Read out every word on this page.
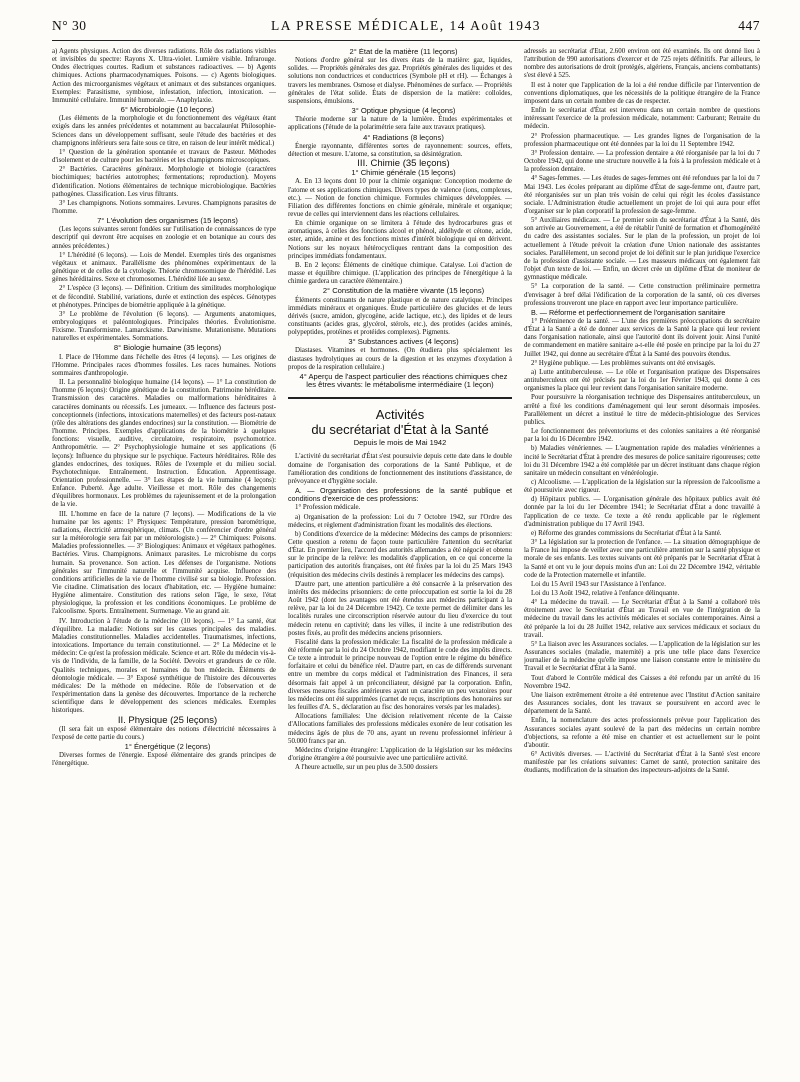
N° 30	LA PRESSE MÉDICALE, 14 Août 1943	447

a) Agents physiques. Action des diverses radiations. Rôle des radiations visibles et invisibles du spectre: Rayons X. Ultra-violet. Lumière visible. Infrarouge. Ondes électriques courtes. Radium et substances radioactives. — b) Agents chimiques. Actions pharmacodynamiques. Poisons. — c) Agents biologiques. Action des microorganismes végétaux et animaux et des substances organiques. Exemples: Parasitisme, symbiose, infestation, infection, intoxication. — Immunité cellulaire. Immunité humorale. — Anaphylaxie.

6° Microbiologie (10 leçons)

(Les éléments de la morphologie et du fonctionnement des végétaux étant exigés dans les années précédentes et notamment au baccalauréat Philosophie-Sciences dans un développement suffisant, seule l'étude des bactéries et des champignons inférieurs sera faite sous ce titre, en raison de leur intérêt médical.)

1° Question de la génération spontanée et travaux de Pasteur. Méthodes d'isolement et de culture pour les bactéries et les champignons microscopiques.

2° Bactéries. Caractères généraux. Morphologie et biologie (caractères biochimiques; bactéries autotrophes; fermentations; reproduction). Moyens d'identification. Notions élémentaires de technique microbiologique. Bactéries pathogènes. Classification. Les virus filtrants.

3° Les champignons. Notions sommaires. Levures. Champignons parasites de l'homme.

7° L'évolution des organismes (15 leçons)

(Les leçons suivantes seront fondées sur l'utilisation de connaissances de type descriptif qui devront être acquises en zoologie et en botanique au cours des années précédentes.)

1° L'hérédité (6 leçons). — Lois de Mendel. Exemples tirés des organismes végétaux et animaux. Parallélisme des phénomènes expérimentaux de la génétique et de celles de la cytologie. Théorie chromosomique de l'hérédité. Les gènes héréditaires. Sexe et chromosomes. L'hérédité liée au sexe.

2° L'espèce (3 leçons). — Définition. Critium des similitudes morphologique et de fécondité. Stabilité, variations, durée et extinction des espèces. Génotypes et phénotypes. Principes de biométrie appliquée à la génétique.

3° Le problème de l'évolution (6 leçons). — Arguments anatomiques, embryologiques et paléontologiques. Principales théories. Évolutionisme. Fixisme. Transformisme. Lamarckisme. Darwinisme. Mutationisme. Mutations naturelles et expérimentales. Sommations.

8° Biologie humaine (35 leçons)

I. Place de l'Homme dans l'échelle des êtres (4 leçons). — Les origines de l'Homme. Principales races d'hommes fossiles. Les races humaines. Notions sommaires d'anthropologie.

II. La personnalité biologique humaine (14 leçons). — 1° La constitution de l'homme (6 leçons): Origine génétique de la constitution. Patrimoine héréditaire. Transmission des caractères. Maladies ou malformations héréditaires à caractères dominants ou récessifs. Les jumeaux. — Influence des facteurs post-conceptionnels (infections, intoxications maternelles) et des facteurs post-nataux (rôle des altérations des glandes endocrines) sur la constitution. — Biométrie de l'homme. Principes. Exemples d'applications de la biométrie à quelques fonctions: visuelle, auditive, circulatoire, respiratoire, psychomotrice. Anthropométrie. — 2° Psychophysiologie humaine et ses applications (6 leçons): Influence du physique sur le psychique. Facteurs héréditaires. Rôle des glandes endocrines, des toxiques. Rôles de l'exemple et du milieu social. Psychotechnique. Entraînement. Instruction. Éducation. Apprentissage. Orientation professionnelle. — 3° Les étapes de la vie humaine (4 leçons): Enfance. Puberté. Âge adulte. Vieillesse et mort. Rôle des changements d'équilibres hormonaux. Les problèmes du rajeunissement et de la prolongation de la vie.

III. L'homme en face de la nature (7 leçons). — Modifications de la vie humaine par les agents: 1° Physiques: Température, pression barométrique, radiations, électricité atmosphérique, climats. (Un conférencier d'ordre général sur la météorologie sera fait par un météorologiste.) — 2° Chimiques: Poisons. Maladies professionnelles. — 3° Biologiques: Animaux et végétaux pathogènes. Bactéries. Virus. Champignons. Animaux parasites. Le microbisme du corps humain. Sa provenance. Son action. Les défenses de l'organisme. Notions générales sur l'immunité naturelle et l'immunité acquise. Influence des conditions artificielles de la vie de l'homme civilisé sur sa biologie. Profession. Vie citadine. Climatisation des locaux d'habitation, etc. — Hygiène humaine: Hygiène alimentaire. Constitution des rations selon l'âge, le sexe, l'état physiologique, la profession et les conditions économiques. Le problème de l'alcoolisme. Sports. Entraînement. Surmenage. Vie au grand air.

IV. Introduction à l'étude de la médecine (10 leçons). — 1° La santé, état d'équilibre. La maladie: Notions sur les causes principales des maladies. Maladies constitutionnelles. Maladies accidentelles. Traumatismes, infections, intoxications. Importance du terrain constitutionnel. — 2° La Médecine et le médecin: Ce qu'est la profession médicale. Science et art. Rôle du médecin vis-à-vis de l'individu, de la famille, de la Société. Devoirs et grandeurs de ce rôle. Qualités techniques, morales et humaines du bon médecin. Éléments de déontologie médicale. — 3° Exposé synthétique de l'histoire des découvertes médicales: De la méthode en médecine. Rôle de l'observation et de l'expérimentation dans la genèse des découvertes. Importance de la recherche scientifique dans le développement des sciences médicales. Exemples historiques.

II. Physique (25 leçons)

(Il sera fait un exposé élémentaire des notions d'électricité nécessaires à l'exposé de cette partie du cours.)

1° Énergétique (2 leçons)

Diverses formes de l'énergie. Exposé élémentaire des grands principes de l'énergétique.

2° État de la matière (11 leçons)

Notions d'ordre général sur les divers états de la matière: gaz, liquides, solides. — Propriétés générales des gaz. Propriétés générales des liquides et des solutions non conductrices et conductrices (Symbole pH et rH). — Échanges à travers les membranes. Osmose et dialyse. Phénomènes de surface. — Propriétés générales de l'état solide. États de dispersion de la matière: colloïdes, suspensions, émulsions.

3° Optique physique (4 leçons)

Théorie moderne sur la nature de la lumière. Études expérimentales et applications (l'étude de la polarimétrie sera faite aux travaux pratiques).

4° Radiations (8 leçons)

Énergie rayonnante, différentes sortes de rayonnement: sources, effets, détection et mesure. L'atome, sa constitution, sa désintégration.

III. Chimie (35 leçons)

1° Chimie générale (15 leçons)

A. En 13 leçons dont 10 pour la chimie organique: Conception moderne de l'atome et ses applications chimiques. Divers types de valence (ions, complexes, etc.). — Notion de fonction chimique. Formules chimiques développées. — Filiation des différentes fonctions en chimie générale, minérale et organique; revue de celles qui interviennent dans les réactions cellulaires.

En chimie organique on se limitera à l'étude des hydrocarbures gras et aromatiques, à celles des fonctions alcool et phénol, aldéhyde et cétone, acide, ester, amide, amine et des fonctions mixtes d'intérêt biologique qui en dérivent. Notions sur les noyaux hétérocycliques rentrant dans la composition des principes immédiats fondamentaux.

B. En 2 leçons: Éléments de cinétique chimique. Catalyse. Loi d'action de masse et équilibre chimique. (L'application des principes de l'énergétique à la chimie gardera un caractère élémentaire.)

2° Constitution de la matière vivante (15 leçons)

Éléments constituants de nature plastique et de nature catalytique. Principes immédiats minéraux et organiques. Étude particulière des glucides et de leurs dérivés (sucre, amidon, glycogène, acide lactique, etc.), des lipides et de leurs constituants (acides gras, glycérol, stérols, etc.), des protides (acides aminés, polypeptides, protéines et protéides complexes). Pigments.

3° Substances actives (4 leçons)

Diastases. Vitamines et hormones. (On étudiera plus spécialement les diastases hydrolytiques au cours de la digestion et les enzymes d'oxydation à propos de la respiration cellulaire.)

4° Aperçu de l'aspect particulier des réactions chimiques chez les êtres vivants: le métabolisme intermédiaire (1 leçon)

Activités
du secrétariat d'État à la Santé
Depuis le mois de Mai 1942

L'activité du secrétariat d'État s'est poursuivie depuis cette date dans le double domaine de l'organisation des corporations de la Santé Publique, et de l'amélioration des conditions de fonctionnement des institutions d'assistance, de prévoyance et d'hygiène sociale.

A. — Organisation des professions de la santé publique et conditions d'exercice de ces professions:

1° Profession médicale.

a) Organisation de la profession: Loi du 7 Octobre 1942, sur l'Ordre des médecins, et règlement d'administration fixant les modalités des élections.

b) Conditions d'exercice de la médecine: Médecins des camps de prisonniers: Cette question a retenu de façon toute particulière l'attention du secrétariat d'État. En premier lieu, l'accord des autorités allemandes a été négocié et obtenu sur le principe de la relève: les modalités d'application, en ce qui concerne la participation des autorités françaises, ont été fixées par la loi du 25 Mars 1943 (réquisition des médecins civils destinés à remplacer les médecins des camps).

D'autre part, une attention particulière a été consacrée à la préservation des intérêts des médecins prisonniers: de cette préoccupation est sortie la loi du 28 Août 1942 (dont les avantages ont été étendus aux médecins participant à la relève, par la loi du 24 Décembre 1942). Ce texte permet de délimiter dans les localités rurales une circonscription réservée autour du lieu d'exercice du tout médecin retenu en captivité; dans les villes, il incite à une redistribution des postes fixés, au profit des médecins anciens prisonniers.

Fiscalité dans la profession médicale: La fiscalité de la profession médicale a été réformée par la loi du 24 Octobre 1942, modifiant le code des impôts directs. Ce texte a introduit le principe nouveau de l'option entre le régime du bénéfice forfaitaire et celui du bénéfice réel. D'autre part, en cas de différends survenant entre un membre du corps médical et l'administration des Finances, il sera désormais fait appel à un préconciliateur, désigné par la corporation. Enfin, diverses mesures fiscales antérieures ayant un caractère un peu vexatoires pour les médecins ont été supprimées (carnet de reçus, inscriptions des honoraires sur les feuilles d'A. S., déclaration au fisc des honoraires versés par les malades).

Allocations familiales: Une décision relativement récente de la Caisse d'Allocations familiales des professions médicales exonère de leur cotisation les médecins âgés de plus de 70 ans, ayant un revenu professionnel inférieur à 50.000 francs par an.

Médecins d'origine étrangère: L'application de la législation sur les médecins d'origine étrangère a été poursuivie avec une particulière activité.

A l'heure actuelle, sur un peu plus de 3.500 dossiers

adressés au secrétariat d'État, 2.600 environ ont été examinés. Ils ont donné lieu à l'attribution de 990 autorisations d'exercer et de 725 rejets définitifs. Par ailleurs, le nombre des autorisations de droit (protégés, algériens, Français, anciens combattants) s'est élevé à 525.

Il est à noter que l'application de la loi a été rendue difficile par l'intervention de conventions diplomatiques, que les nécessités de la politique étrangère de la France imposent dans un certain nombre de cas de respecter.

Enfin le secrétariat d'État est intervenu dans un certain nombre de questions intéressant l'exercice de la profession médicale, notamment: Carburant; Retraite du médecin.

2° Profession pharmaceutique. — Les grandes lignes de l'organisation de la profession pharmaceutique ont été données par la loi du 11 Septembre 1942.

3° Profession dentaire. — La profession dentaire a été réorganisée par la loi du 7 Octobre 1942, qui donne une structure nouvelle à la fois à la profession médicale et à la profession dentaire.

4° Sages-femmes. — Les études de sages-femmes ont été refondues par la loi du 7 Mai 1943. Les écoles préparant au diplôme d'État de sage-femme ont, d'autre part, été réorganisées sur un plan très voisin de celui qui régit les écoles d'assistance sociale. L'Administration étudie actuellement un projet de loi qui aura pour effet d'organiser sur le plan corporatif la profession de sage-femme.

5° Auxiliaires médicaux. — Le premier soin du secrétariat d'État à la Santé, dès son arrivée au Gouvernement, a été de rétablir l'unité de formation et d'homogénéité du cadre des assistantes sociales. Sur le plan de la profession, un projet de loi actuellement à l'étude prévoit la création d'une Union nationale des assistantes sociales. Parallèlement, un second projet de loi définit sur le plan juridique l'exercice de la profession d'assistante sociale. — Les masseurs médicaux ont également fait l'objet d'un texte de loi. — Enfin, un décret crée un diplôme d'État de moniteur de gymnastique médicale.

5° La corporation de la santé. — Cette construction préliminaire permettra d'envisager à bref délai l'édification de la corporation de la santé, où ces diverses professions trouveront une place en rapport avec leur importance particulière.

B. — Réforme et perfectionnement de l'organisation sanitaire

1° Prééminence de la santé. — L'une des premières préoccupations du secrétaire d'État à la Santé a été de donner aux services de la Santé la place qui leur revient dans l'organisation nationale, ainsi que l'autorité dont ils doivent jouir. Ainsi l'unité de commandement en matière sanitaire a-t-elle été posée en principe par la loi du 27 Juillet 1942, qui donne au secrétaire d'État à la Santé des pouvoirs étendus.

2° Hygiène publique. — Les problèmes suivants ont été envisagés.

a) Lutte antituberculeuse. — Le rôle et l'organisation pratique des Dispensaires antituberculeux ont été précisés par la loi du 1er Février 1943, qui donne à ces organismes la place qui leur revient dans l'organisation sanitaire moderne.

Pour poursuivre la réorganisation technique des Dispensaires antituberculeux, un arrêté a fixé les conditions d'aménagement qui leur seront désormais imposées. Parallèlement un décret a institué le titre de médecin-phtisiologue des Services publics.

Le fonctionnement des préventoriums et des colonies sanitaires a été réorganisé par la loi du 16 Décembre 1942.

b) Maladies vénériennes. — L'augmentation rapide des maladies vénériennes a incité le Secrétariat d'État à prendre des mesures de police sanitaire rigoureuses; cette loi du 31 Décembre 1942 a été complétée par un décret instituant dans chaque région sanitaire un médecin consultant en vénéréologie.

c) Alcoolisme. — L'application de la législation sur la répression de l'alcoolisme a été poursuivie avec rigueur.

d) Hôpitaux publics. — L'organisation générale des hôpitaux publics avait été donnée par la loi du 1er Décembre 1941; le Secrétariat d'État a donc travaillé à l'application de ce texte. Ce texte a été rendu applicable par le règlement d'administration publique du 17 Avril 1943.

e) Réforme des grandes commissions du Secrétariat d'État à la Santé.

3° La législation sur la protection de l'enfance. — La situation démographique de la France lui impose de veiller avec une particulière attention sur la santé physique et morale de ses enfants. Les textes suivants ont été préparés par le Secrétariat d'État à la Santé et ont vu le jour depuis moins d'un an: Loi du 22 Décembre 1942, véritable code de la Protection maternelle et infantile.

Loi du 15 Avril 1943 sur l'Assistance à l'enfance.

Loi du 13 Août 1942, relative à l'enfance délinquante.

4° La médecine du travail. — Le Secrétariat d'État à la Santé a collaboré très étroitement avec le Secrétariat d'État au Travail en vue de l'intégration de la médecine du travail dans les activités médicales et sociales contemporaines. Ainsi a été préparée la loi du 28 Juillet 1942, relative aux services médicaux et sociaux du travail.

5° La liaison avec les Assurances sociales. — L'application de la législation sur les Assurances sociales (maladie, maternité) a pris une telle place dans l'exercice journalier de la médecine qu'elle impose une liaison constante entre le ministère du Travail et le Secrétariat d'État à la Santé.

Tout d'abord le Contrôle médical des Caisses a été refondu par un arrêté du 16 Novembre 1942.

Une liaison extrêmement étroite a été entretenue avec l'Institut d'Action sanitaire des Assurances sociales, dont les travaux se poursuivent en accord avec le département de la Santé.

Enfin, la nomenclature des actes professionnels prévue pour l'application des Assurances sociales ayant soulevé de la part des médecins un certain nombre d'objections, sa refonte a été mise en chantier et est actuellement sur le point d'aboutir.

6° Activités diverses. — L'activité du Secrétariat d'État à la Santé s'est encore manifestée par les créations suivantes: Carnet de santé, protection sanitaire des étudiants, modification de la situation des inspecteurs-adjoints de la Santé.
